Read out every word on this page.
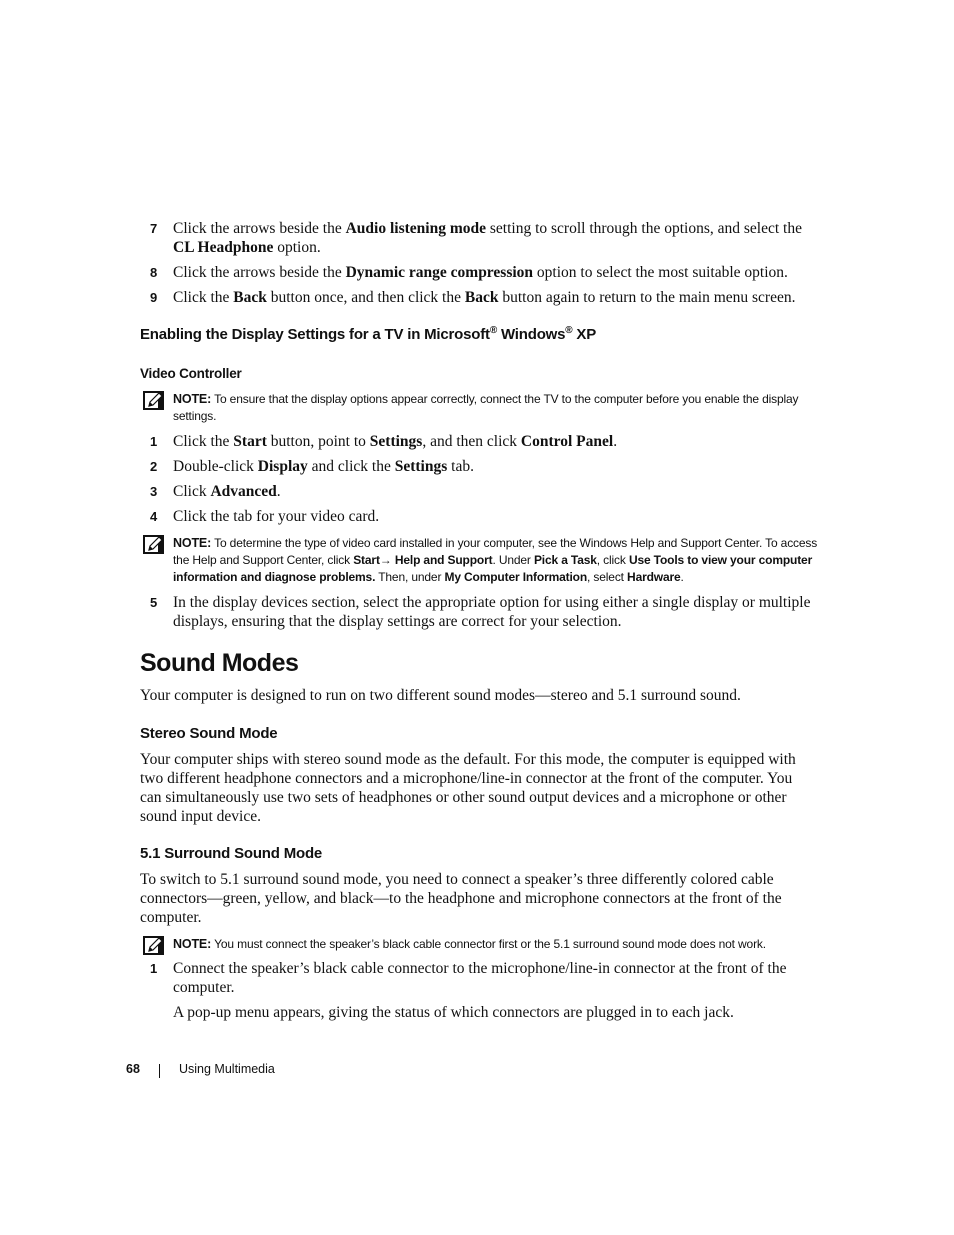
7	Click the arrows beside the Audio listening mode setting to scroll through the options, and select the CL Headphone option.
8	Click the arrows beside the Dynamic range compression option to select the most suitable option.
9	Click the Back button once, and then click the Back button again to return to the main menu screen.
Enabling the Display Settings for a TV in Microsoft® Windows® XP
Video Controller
NOTE: To ensure that the display options appear correctly, connect the TV to the computer before you enable the display settings.
1	Click the Start button, point to Settings, and then click Control Panel.
2	Double-click Display and click the Settings tab.
3	Click Advanced.
4	Click the tab for your video card.
NOTE: To determine the type of video card installed in your computer, see the Windows Help and Support Center. To access the Help and Support Center, click Start→ Help and Support. Under Pick a Task, click Use Tools to view your computer information and diagnose problems. Then, under My Computer Information, select Hardware.
5	In the display devices section, select the appropriate option for using either a single display or multiple displays, ensuring that the display settings are correct for your selection.
Sound Modes
Your computer is designed to run on two different sound modes—stereo and 5.1 surround sound.
Stereo Sound Mode
Your computer ships with stereo sound mode as the default. For this mode, the computer is equipped with two different headphone connectors and a microphone/line-in connector at the front of the computer. You can simultaneously use two sets of headphones or other sound output devices and a microphone or other sound input device.
5.1 Surround Sound Mode
To switch to 5.1 surround sound mode, you need to connect a speaker’s three differently colored cable connectors—green, yellow, and black—to the headphone and microphone connectors at the front of the computer.
NOTE: You must connect the speaker’s black cable connector first or the 5.1 surround sound mode does not work.
1	Connect the speaker’s black cable connector to the microphone/line-in connector at the front of the computer.
A pop-up menu appears, giving the status of which connectors are plugged in to each jack.
68	Using Multimedia
